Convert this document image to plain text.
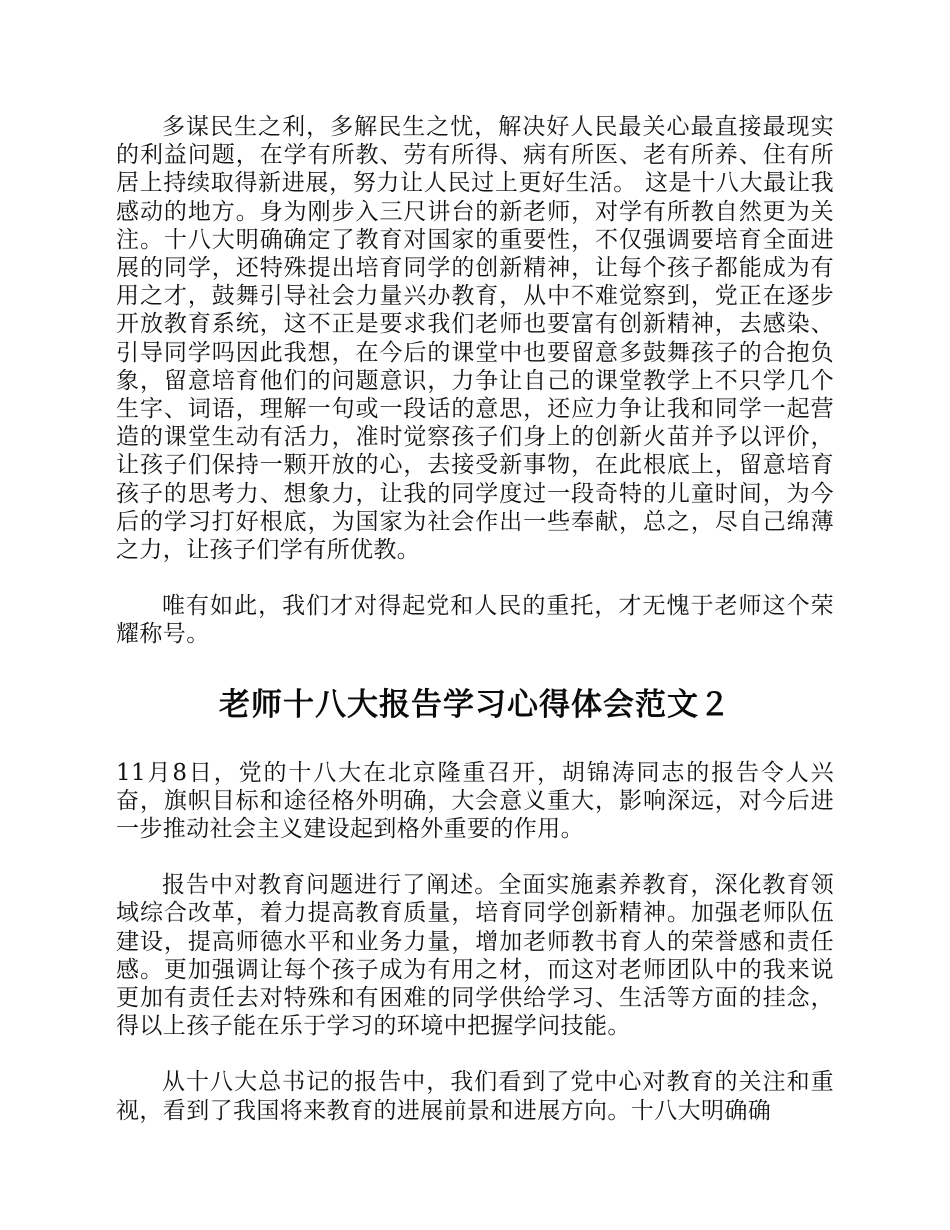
多谋民生之利，多解民生之忧，解决好人民最关心最直接最现实的利益问题，在学有所教、劳有所得、病有所医、老有所养、住有所居上持续取得新进展，努力让人民过上更好生活。 这是十八大最让我感动的地方。身为刚步入三尺讲台的新老师，对学有所教自然更为关注。十八大明确确定了教育对国家的重要性，不仅强调要培育全面进展的同学，还特殊提出培育同学的创新精神，让每个孩子都能成为有用之才，鼓舞引导社会力量兴办教育，从中不难觉察到，党正在逐步开放教育系统，这不正是要求我们老师也要富有创新精神，去感染、引导同学吗因此我想，在今后的课堂中也要留意多鼓舞孩子的合抱负象，留意培育他们的问题意识，力争让自己的课堂教学上不只学几个生字、词语，理解一句或一段话的意思，还应力争让我和同学一起营造的课堂生动有活力，准时觉察孩子们身上的创新火苗并予以评价，让孩子们保持一颗开放的心，去接受新事物，在此根底上，留意培育孩子的思考力、想象力，让我的同学度过一段奇特的儿童时间，为今后的学习打好根底，为国家为社会作出一些奉献，总之，尽自己绵薄之力，让孩子们学有所优教。

唯有如此，我们才对得起党和人民的重托，才无愧于老师这个荣耀称号。

老师十八大报告学习心得体会范文２

11月8日，党的十八大在北京隆重召开，胡锦涛同志的报告令人兴奋，旗帜目标和途径格外明确，大会意义重大，影响深远，对今后进一步推动社会主义建设起到格外重要的作用。

报告中对教育问题进行了阐述。全面实施素养教育，深化教育领域综合改革，着力提高教育质量，培育同学创新精神。加强老师队伍建设，提高师德水平和业务力量，增加老师教书育人的荣誉感和责任感。更加强调让每个孩子成为有用之材，而这对老师团队中的我来说更加有责任去对特殊和有困难的同学供给学习、生活等方面的挂念，得以上孩子能在乐于学习的环境中把握学问技能。

从十八大总书记的报告中，我们看到了党中心对教育的关注和重视，看到了我国将来教育的进展前景和进展方向。十八大明确确
